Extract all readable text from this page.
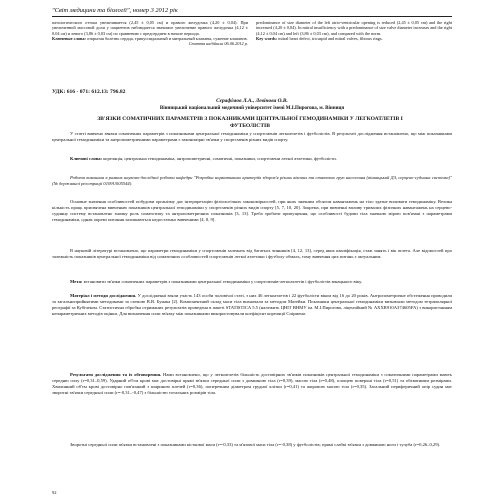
"Світ медицини та біології", номер 3 2012 рік
патологического оттока увеличивается (2,45 ± 0,05 см) и правого желудочка (4,20 ± 0,04). При увеличенной массовой доли у пациентов наблюдается значимое увеличение правого желудочка (4,12 ± 0,04 см) и левого (3,86 ± 0,03 см) по сравнению с предсердием в начале периода.
Ключевые слова: открытая болезнь сердца, трикуспидальный и митральный клапаны, сужение клапанов.
Стаття надійшла 06.06.2012 р.
predominance of size diameter of the left atrio-ventricular opening is reduced (2,45 ± 0,05 cm) and the right increased (4,20 ± 0,04). In mitral insufficiency with a predominance of size valve diameter increases and the right (4,12 ± 0,04 cm) and left (3,86 ± 0,03 cm), and compared with the norm.
Key words: mitral heart defect, tricuspid and mitral valves, fibrous rings.
УДК: 616 - 071: 612.13: 796.82
Сєрафімов Л.А., Левінова О.В.
Вінницький національний медичний університет імені М.І.Пирогова, м. Вінниця
ЗВ'ЯЗКИ СОМАТИЧНИХ ПАРАМЕТРІВ З ПОКАЗНИКАМИ ЦЕНТРАЛЬНОЇ ГЕМОДИНАМІКИ У ЛЕГКОАТЛЕТІВ І ФУТБОЛІСТІВ
У статті вивчено звязки соматичних параметрів з показниками центральної гемодинаміки у спортсменів легкоатлетів і футболістів. В результаті дослідження встановлено, що між показниками центральної гемодинаміки та антропометричними параметрами є закономірні зв'язки у спортсменів різних видів спорту.
Ключові слова: кореляція, центральна гемодинаміка, антропометричні, соматичні, показники, спортсмени легкої атлетики, футболісти.
Робота виконана в рамках науково-дослідної роботи кафедри "Розробка нормативних критеріїв здоров'я різних вікових та статевих груп населення (вінницький ДЗ, серцево-судинна система)" (№ державної реєстрації 0109U005544).

Основне значення особливостей побудови організму дає інтерпретацію фізіологічних закономірностей, при яких значним обсягом навантажень на тіло здатне впливати гемодинаміку. Велика кількість праць присвячена вивченню показників центральної гемодинаміки у спортсменів різних видів спорту [5, 7, 10, 20]. Зокрема, при вивченні впливу тривалих фізичних навантажень на серцево-судинну систему встановлено значну роль соматотипу та антропометричних показників [3, 13]. Треба зробити припущення, що особливості будови тіла значною мірою пов'язані з параметрами гемодинаміки, однак окремі питання залишаються недостатньо вивченими [4, 8, 9].

В науковій літературі встановлено, що параметри гемодинаміки у спортсменів залежать від багатьох чинників [4, 12, 13], серед яких кваліфікація, стаж занять і вік атлета. Але відомостей про залежність показників центральної гемодинаміки від соматичних особливостей спортсменів легкої атлетики і футболу обмаль, тому вивчення цих питань є актуальним.

Мета: встановити зв'язки соматичних параметрів з показниками центральної гемодинаміки у спортсменів-легкоатлетів і футболістів юнацького віку.

Матеріал і методи дослідження. У дослідженні взяли участь 143 особи чоловічої статі, з них 46 легкоатлетів і 22 футболісти віком від 16 до 20 років. Антропометричне обстеження проводили за загальноприйнятими методиками за схемою В.В. Бунака [2]. Компонентний склад маси тіла визначали за методом Матейки. Показники центральної гемодинаміки визначали методом тетраполярної реографії за Кубічеком. Статистична обробка отриманих результатів проведена в пакеті STATISTICA 5.5 (належить ЦНІТ ВНМУ ім. М.І.Пирогова, ліцензійний № AXXR910A374605FA) з використанням непараметричних методів оцінки. Для визначення сили зв'язку між показниками використовували коефіцієнт кореляції Спірмена.

Результати дослідження та їх обговорення. Нами встановлено, що у легкоатлетів більшість достовірних зв'язків показників центральної гемодинаміки з соматичними параметрами мають середню силу (r=0,31–0,59). Ударний об'єм крові має достовірні прямі зв'язки середньої сили з довжиною тіла (r=0,39), масою тіла (r=0,48), площею поверхні тіла (r=0,51) та обхватними розмірами. Хвилинний об'єм крові достовірно пов'язаний з шириною плечей (r=0,36), поперечним діаметром грудної клітки (r=0,41) та жировою масою тіла (r=0,35). Загальний периферичний опір судин має зворотні зв'язки середньої сили (r=-0,31–-0,47) з більшістю тотальних розмірів тіла.

Зворотні середньої сили зв'язки встановлені з показниками кісткової маси (r=-0,33) та м'язової маси тіла (r=-0,38) у футболістів; прямі слабкі зв'язки з довжиною ноги і тулуба (r=0,26–0,29).

92
